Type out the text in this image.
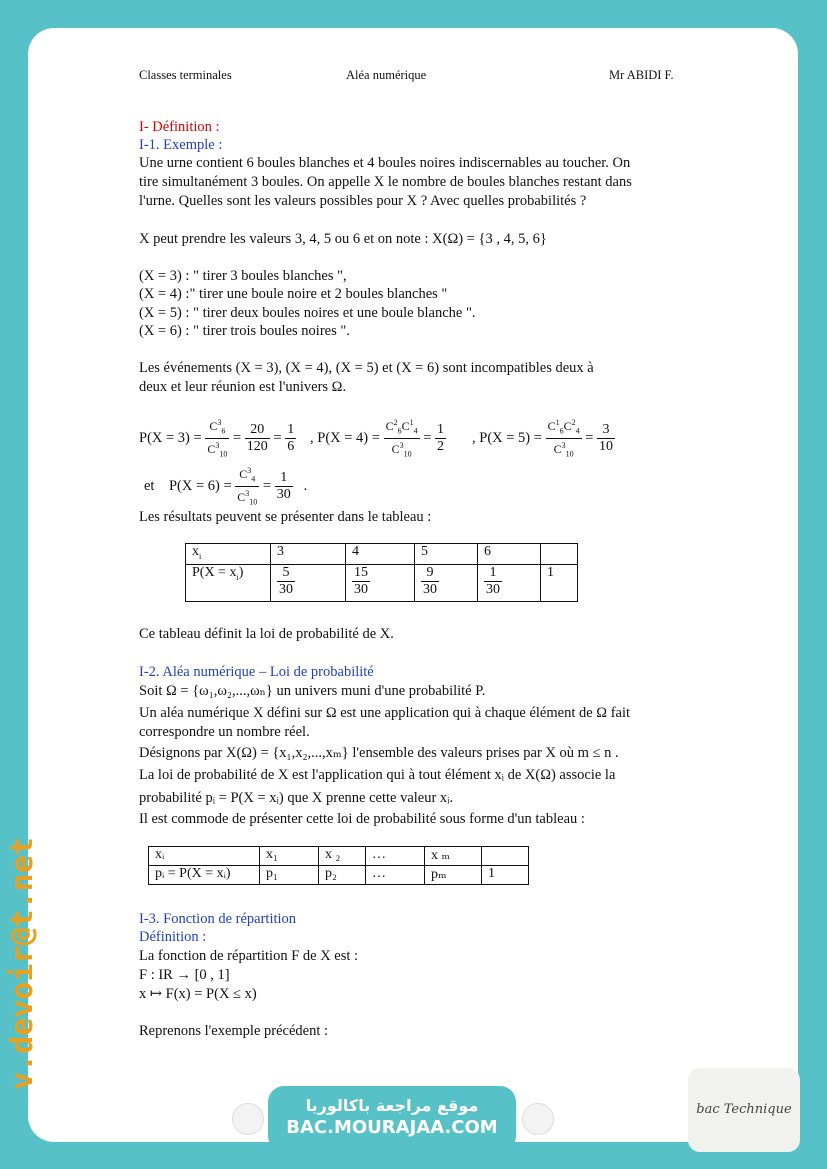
Classes terminales	Aléa numérique	Mr ABIDI F.
I- Définition :
I-1. Exemple :
Une urne contient 6 boules blanches et 4 boules noires indiscernables au toucher. On
tire simultanément 3 boules. On appelle X le nombre de boules blanches restant dans
l'urne. Quelles sont les valeurs possibles pour X ? Avec quelles probabilités ?
X peut prendre les valeurs 3, 4, 5 ou 6 et on note : X(Ω) = {3 , 4, 5, 6}
(X = 3) : " tirer 3 boules blanches ",
(X = 4) :" tirer une boule noire et 2 boules blanches "
(X = 5) : " tirer deux boules noires et une boule blanche ".
(X = 6) : " tirer trois boules noires ".
Les événements (X = 3), (X = 4), (X = 5) et (X = 6) sont incompatibles deux à
deux et leur réunion est l'univers Ω.
$P(X = 3) = \frac{C^3_6}{C^3_{10}} = \frac{20}{120} = \frac{1}{6}$ , $P(X = 4) = \frac{C^2_6C^1_4}{C^3_{10}} = \frac{1}{2}$ , $P(X = 5) = \frac{C^1_6C^2_4}{C^3_{10}} = \frac{3}{10}$
et $P(X = 6) = \frac{C^3_4}{C^3_{10}} = \frac{1}{30}$ .
Les résultats peuvent se présenter dans le tableau :
$x_i$	3	4	5	6	
$P(X = x_i)$	$\frac{5}{30}$	$\frac{15}{30}$	$\frac{9}{30}$	$\frac{1}{30}$	1
Ce tableau définit la loi de probabilité de X.
I-2. Aléa numérique – Loi de probabilité
Soit Ω = {ω₁,ω₂,...,ωₙ} un univers muni d'une probabilité P.
Un aléa numérique X défini sur Ω est une application qui à chaque élément de Ω fait
correspondre un nombre réel.
Désignons par X(Ω) = {x₁,x₂,...,xₘ} l'ensemble des valeurs prises par X où m ≤ n .
La loi de probabilité de X est l'application qui à tout élément xᵢ de X(Ω) associe la
probabilité pᵢ = P(X = xᵢ) que X prenne cette valeur xᵢ.
Il est commode de présenter cette loi de probabilité sous forme d'un tableau :
xᵢ	x₁	x ₂	…	x ₘ	
pᵢ = P(X = xᵢ)	p₁	p₂	…	pₘ	1
I-3. Fonction de répartition
Définition :
La fonction de répartition F de X est :
F : IR → [0 , 1]
x ↦ F(x) = P(X ≤ x)
Reprenons l'exemple précédent :
v.devoir@t.net
موقع مراجعة باكالوريا
BAC.MOURAJAA.COM
bac Technique
